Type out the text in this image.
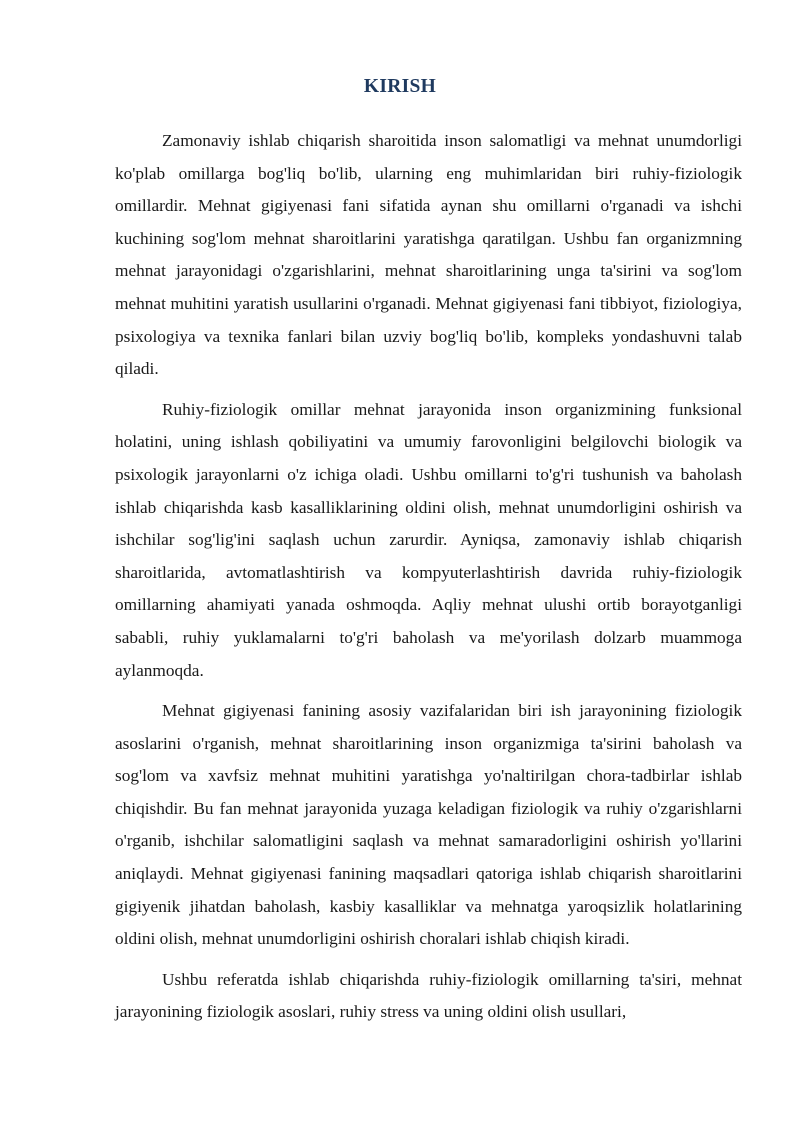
KIRISH

Zamonaviy ishlab chiqarish sharoitida inson salomatligi va mehnat unumdorligi ko'plab omillarga bog'liq bo'lib, ularning eng muhimlaridan biri ruhiy-fiziologik omillardir. Mehnat gigiyenasi fani sifatida aynan shu omillarni o'rganadi va ishchi kuchining sog'lom mehnat sharoitlarini yaratishga qaratilgan. Ushbu fan organizmning mehnat jarayonidagi o'zgarishlarini, mehnat sharoitlarining unga ta'sirini va sog'lom mehnat muhitini yaratish usullarini o'rganadi. Mehnat gigiyenasi fani tibbiyot, fiziologiya, psixologiya va texnika fanlari bilan uzviy bog'liq bo'lib, kompleks yondashuvni talab qiladi.

Ruhiy-fiziologik omillar mehnat jarayonida inson organizmining funksional holatini, uning ishlash qobiliyatini va umumiy farovonligini belgilovchi biologik va psixologik jarayonlarni o'z ichiga oladi. Ushbu omillarni to'g'ri tushunish va baholash ishlab chiqarishda kasb kasalliklarining oldini olish, mehnat unumdorligini oshirish va ishchilar sog'lig'ini saqlash uchun zarurdir. Ayniqsa, zamonaviy ishlab chiqarish sharoitlarida, avtomatlashtirish va kompyuterlashtirish davrida ruhiy-fiziologik omillarning ahamiyati yanada oshmoqda. Aqliy mehnat ulushi ortib borayotganligi sababli, ruhiy yuklamalarni to'g'ri baholash va me'yorilash dolzarb muammoga aylanmoqda.

Mehnat gigiyenasi fanining asosiy vazifalaridan biri ish jarayonining fiziologik asoslarini o'rganish, mehnat sharoitlarining inson organizmiga ta'sirini baholash va sog'lom va xavfsiz mehnat muhitini yaratishga yo'naltirilgan chora-tadbirlar ishlab chiqishdir. Bu fan mehnat jarayonida yuzaga keladigan fiziologik va ruhiy o'zgarishlarni o'rganib, ishchilar salomatligini saqlash va mehnat samaradorligini oshirish yo'llarini aniqlaydi. Mehnat gigiyenasi fanining maqsadlari qatoriga ishlab chiqarish sharoitlarini gigiyenik jihatdan baholash, kasbiy kasalliklar va mehnatga yaroqsizlik holatlarining oldini olish, mehnat unumdorligini oshirish choralari ishlab chiqish kiradi.

Ushbu referatda ishlab chiqarishda ruhiy-fiziologik omillarning ta'siri, mehnat jarayonining fiziologik asoslari, ruhiy stress va uning oldini olish usullari,
